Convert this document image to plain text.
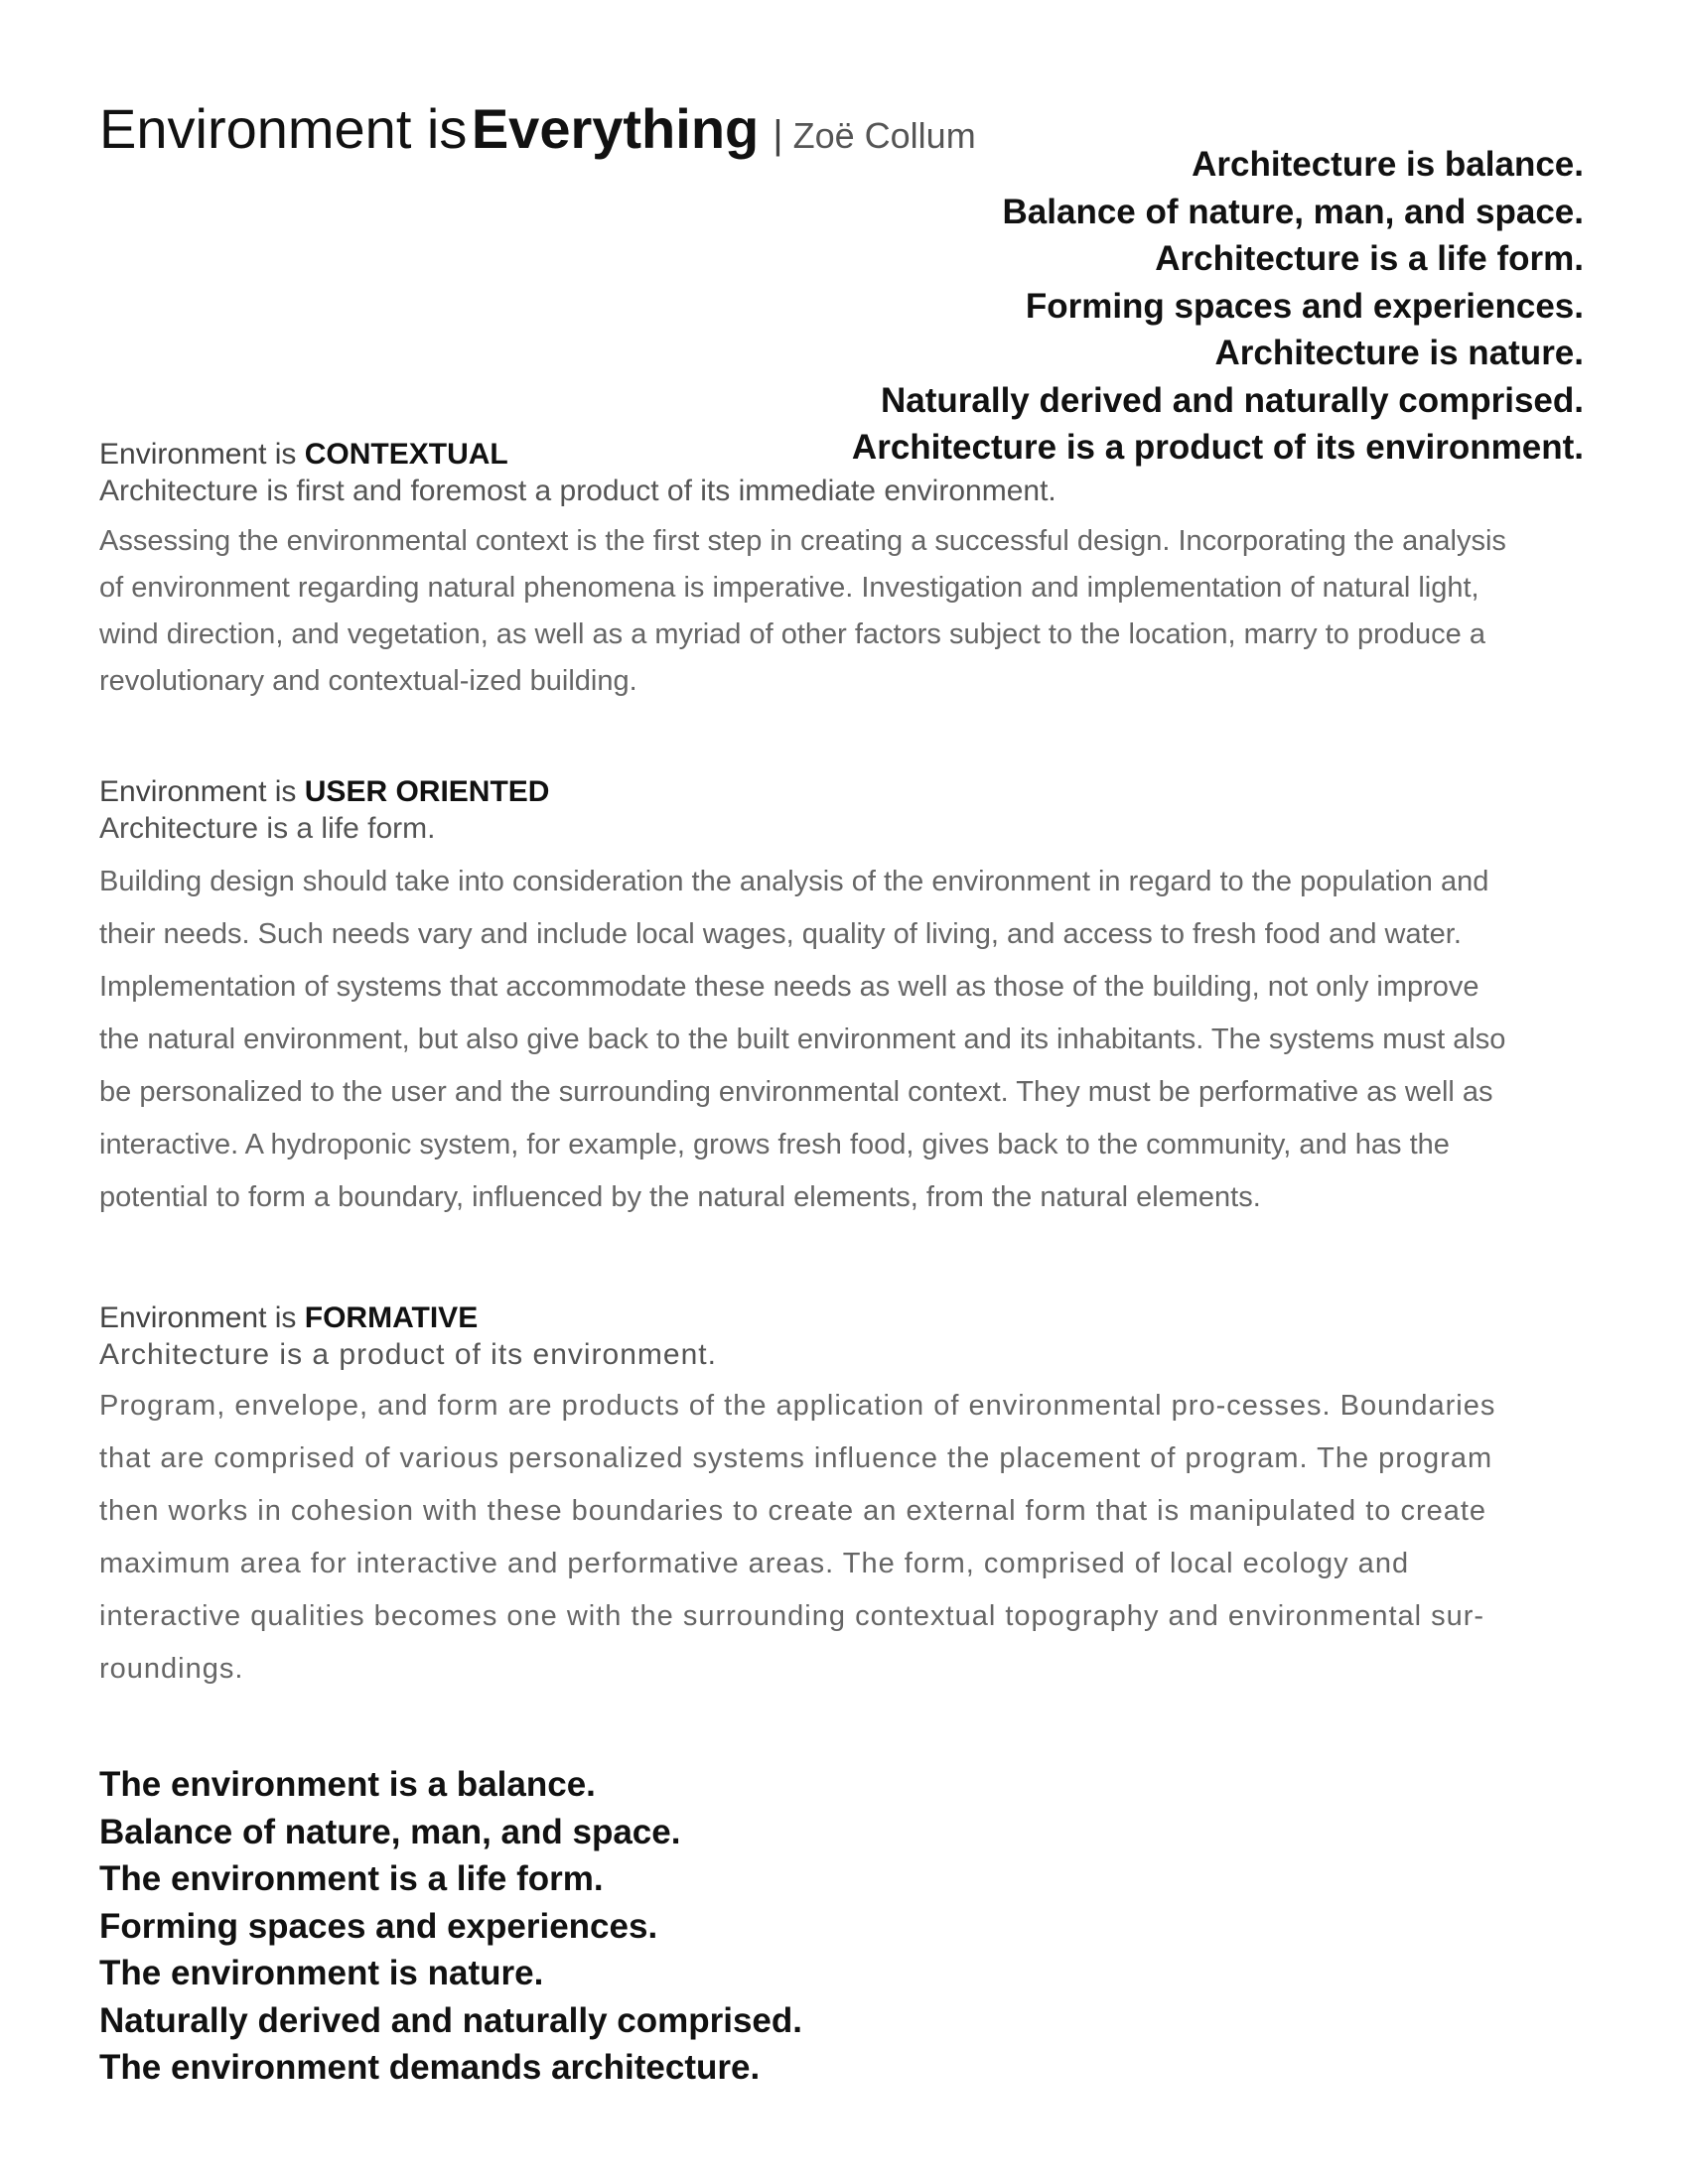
Environment is Everything | Zoë Collum
Architecture is balance.
Balance of nature, man, and space.
Architecture is a life form.
Forming spaces and experiences.
Architecture is nature.
Naturally derived and naturally comprised.
Architecture is a product of its environment.
Environment is CONTEXTUAL
Architecture is first and foremost a product of its immediate environment.

Assessing the environmental context is the first step in creating a successful design. Incorporating the analysis of environment regarding natural phenomena is imperative. Investigation and implementation of natural light, wind direction, and vegetation, as well as a myriad of other factors subject to the location, marry to produce a revolutionary and contextual-ized building.

Environment is USER ORIENTED
Architecture is a life form.

Building design should take into consideration the analysis of the environment in regard to the population and their needs. Such needs vary and include local wages, quality of living, and access to fresh food and water. Implementation of systems that accommodate these needs as well as those of the building, not only improve the natural environment, but also give back to the built environment and its inhabitants. The systems must also be personalized to the user and the surrounding environmental context. They must be performative as well as interactive. A hydroponic system, for example, grows fresh food, gives back to the community, and has the potential to form a boundary, influenced by the natural elements, from the natural elements.

Environment is FORMATIVE
Architecture is a product of its environment.

Program, envelope, and form are products of the application of environmental pro-cesses. Boundaries that are comprised of various personalized systems influence the placement of program. The program then works in cohesion with these boundaries to create an external form that is manipulated to create maximum area for interactive and performative areas. The form, comprised of local ecology and interactive qualities becomes one with the surrounding contextual topography and environmental sur-roundings.

The environment is a balance.
Balance of nature, man, and space.
The environment is a life form.
Forming spaces and experiences.
The environment is nature.
Naturally derived and naturally comprised.
The environment demands architecture.
